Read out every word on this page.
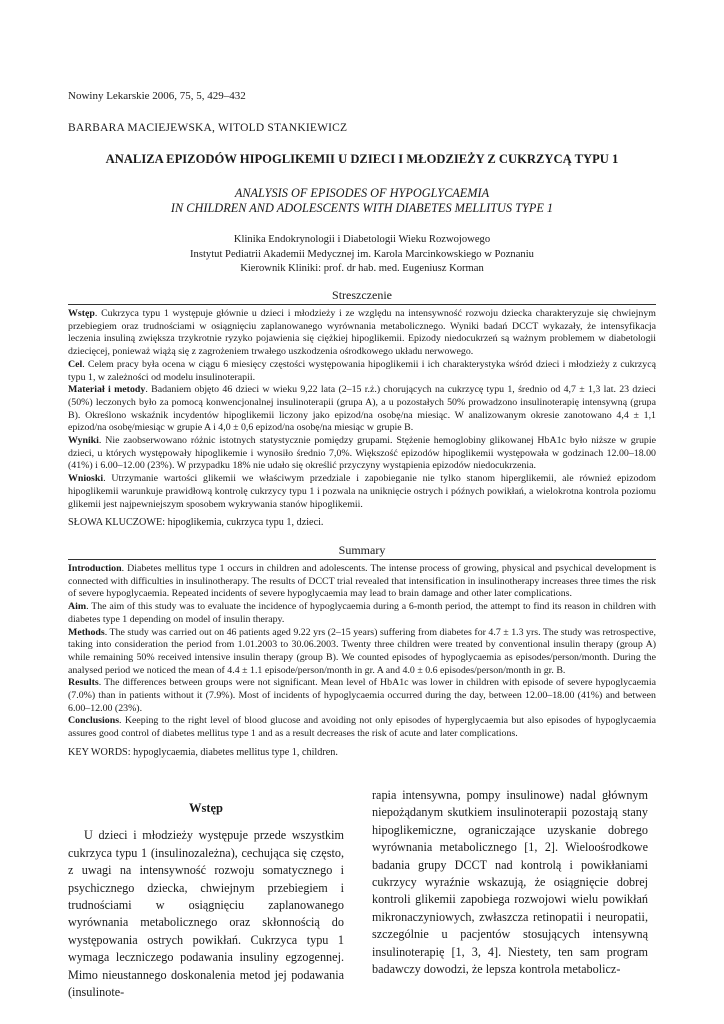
Nowiny Lekarskie 2006, 75, 5, 429–432
BARBARA MACIEJEWSKA, WITOLD STANKIEWICZ
ANALIZA EPIZODÓW HIPOGLIKEMII U DZIECI I MŁODZIEŻY Z CUKRZYCĄ TYPU 1
ANALYSIS OF EPISODES OF HYPOGLYCAEMIA
IN CHILDREN AND ADOLESCENTS WITH DIABETES MELLITUS TYPE 1
Klinika Endokrynologii i Diabetologii Wieku Rozwojowego
Instytut Pediatrii Akademii Medycznej im. Karola Marcinkowskiego w Poznaniu
Kierownik Kliniki: prof. dr hab. med. Eugeniusz Korman
Streszczenie

Wstęp. Cukrzyca typu 1 występuje głównie u dzieci i młodzieży i ze względu na intensywność rozwoju dziecka charakteryzuje się chwiejnym przebiegiem oraz trudnościami w osiągnięciu zaplanowanego wyrównania metabolicznego. Wyniki badań DCCT wykazały, że intensyfikacja leczenia insuliną zwiększa trzykrotnie ryzyko pojawienia się ciężkiej hipoglikemii. Epizody niedocukrzeń są ważnym problemem w diabetologii dziecięcej, ponieważ wiążą się z zagrożeniem trwałego uszkodzenia ośrodkowego układu nerwowego.

Cel. Celem pracy była ocena w ciągu 6 miesięcy częstości występowania hipoglikemii i ich charakterystyka wśród dzieci i młodzieży z cukrzycą typu 1, w zależności od modelu insulinoterapii.

Materiał i metody. Badaniem objęto 46 dzieci w wieku 9,22 lata (2–15 r.ż.) chorujących na cukrzycę typu 1, średnio od 4,7 ± 1,3 lat. 23 dzieci (50%) leczonych było za pomocą konwencjonalnej insulinoterapii (grupa A), a u pozostałych 50% prowadzono insulinoterapię intensywną (grupa B). Określono wskaźnik incydentów hipoglikemii liczony jako epizod/na osobę/na miesiąc. W analizowanym okresie zanotowano 4,4 ± 1,1 epizod/na osobę/miesiąc w grupie A i 4,0 ± 0,6 epizod/na osobę/na miesiąc w grupie B.

Wyniki. Nie zaobserwowano różnic istotnych statystycznie pomiędzy grupami. Stężenie hemoglobiny glikowanej HbA1c było niższe w grupie dzieci, u których występowały hipoglikemie i wynosiło średnio 7,0%. Większość epizodów hipoglikemii występowała w godzinach 12.00–18.00 (41%) i 6.00–12.00 (23%). W przypadku 18% nie udało się określić przyczyny wystąpienia epizodów niedocukrzenia.

Wnioski. Utrzymanie wartości glikemii we właściwym przedziale i zapobieganie nie tylko stanom hiperglikemii, ale również epizodom hipoglikemii warunkuje prawidłową kontrolę cukrzycy typu 1 i pozwala na uniknięcie ostrych i późnych powikłań, a wielokrotna kontrola poziomu glikemii jest najpewniejszym sposobem wykrywania stanów hipoglikemii.

SŁOWA KLUCZOWE: hipoglikemia, cukrzyca typu 1, dzieci.
Summary

Introduction. Diabetes mellitus type 1 occurs in children and adolescents. The intense process of growing, physical and psychical development is connected with difficulties in insulinotherapy. The results of DCCT trial revealed that intensification in insulinotherapy increases three times the risk of severe hypoglycaemia. Repeated incidents of severe hypoglycaemia may lead to brain damage and other later complications.

Aim. The aim of this study was to evaluate the incidence of hypoglycaemia during a 6-month period, the attempt to find its reason in children with diabetes type 1 depending on model of insulin therapy.

Methods. The study was carried out on 46 patients aged 9.22 yrs (2–15 years) suffering from diabetes for 4.7 ± 1.3 yrs. The study was retrospective, taking into consideration the period from 1.01.2003 to 30.06.2003. Twenty three children were treated by conventional insulin therapy (group A) while remaining 50% received intensive insulin therapy (group B). We counted episodes of hypoglycaemia as episodes/person/month. During the analysed period we noticed the mean of 4.4 ± 1.1 episode/person/month in gr. A and 4.0 ± 0.6 episodes/person/month in gr. B.

Results. The differences between groups were not significant. Mean level of HbA1c was lower in children with episode of severe hypoglycaemia (7.0%) than in patients without it (7.9%). Most of incidents of hypoglycaemia occurred during the day, between 12.00–18.00 (41%) and between 6.00–12.00 (23%).

Conclusions. Keeping to the right level of blood glucose and avoiding not only episodes of hyperglycaemia but also episodes of hypoglycaemia assures good control of diabetes mellitus type 1 and as a result decreases the risk of acute and later complications.

KEY WORDS: hypoglycaemia, diabetes mellitus type 1, children.
Wstęp

U dzieci i młodzieży występuje przede wszystkim cukrzyca typu 1 (insulinozależna), cechująca się często, z uwagi na intensywność rozwoju somatycznego i psychicznego dziecka, chwiejnym przebiegiem i trudnościami w osiągnięciu zaplanowanego wyrównania metabolicznego oraz skłonnością do występowania ostrych powikłań. Cukrzyca typu 1 wymaga leczniczego podawania insuliny egzogennej. Mimo nieustannego doskonalenia metod jej podawania (insulinote-

rapia intensywna, pompy insulinowe) nadal głównym niepożądanym skutkiem insulinoterapii pozostają stany hipoglikemiczne, ograniczające uzyskanie dobrego wyrównania metabolicznego [1, 2]. Wieloośrodkowe badania grupy DCCT nad kontrolą i powikłaniami cukrzycy wyraźnie wskazują, że osiągnięcie dobrej kontroli glikemii zapobiega rozwojowi wielu powikłań mikronaczyniowych, zwłaszcza retinopatii i neuropatii, szczególnie u pacjentów stosujących intensywną insulinoterapię [1, 3, 4]. Niestety, ten sam program badawczy dowodzi, że lepsza kontrola metabolicz-
